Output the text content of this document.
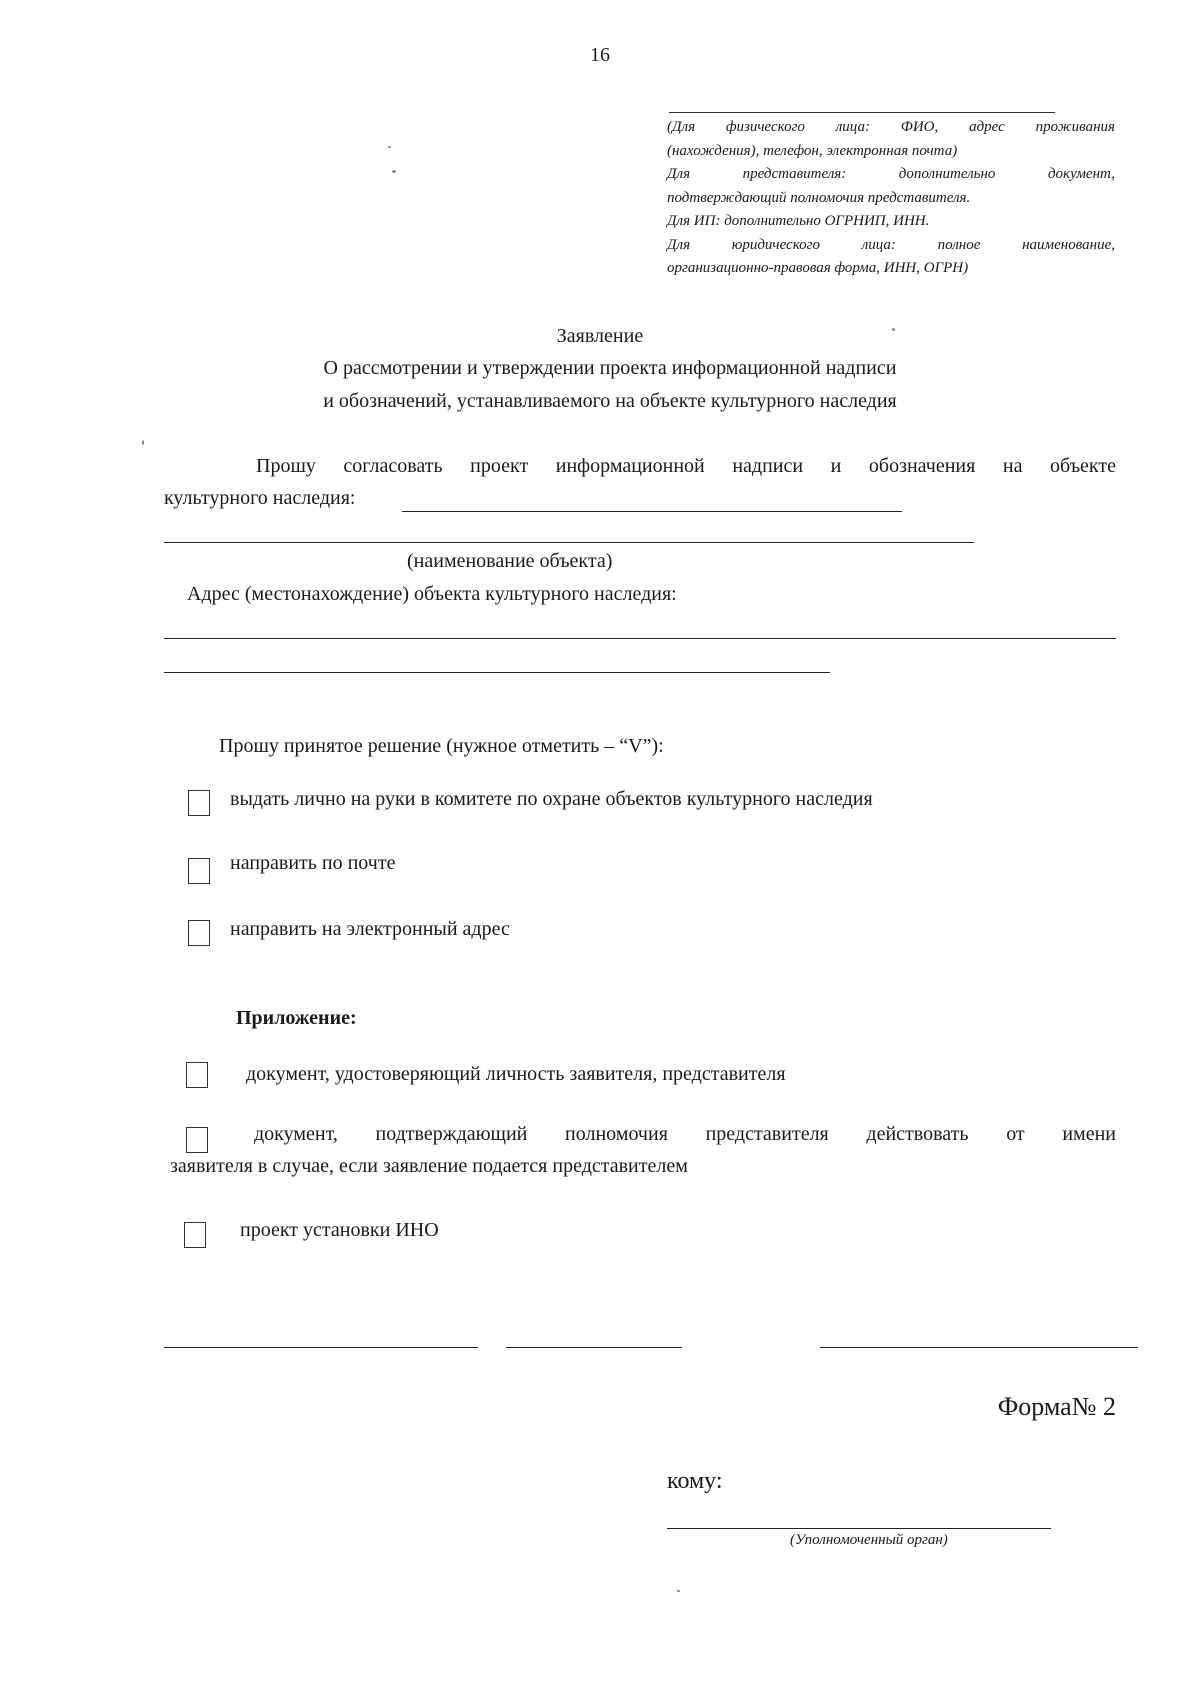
16

(Для физического лица: ФИО, адрес проживания

(нахождения), телефон, электронная почта)

Для представителя: дополнительно документ,

подтверждающий полномочия представителя.

Для ИП: дополнительно ОГРНИП, ИНН.

Для юридического лица: полное наименование,

организационно-правовая форма, ИНН, ОГРН)

Заявление
О рассмотрении и утверждении проекта информационной надписи
и обозначений, устанавливаемого на объекте культурного наследия
Прошу согласовать проект информационной надписи и обозначения на объекте
культурного наследия:
(наименование объекта)
Адрес (местонахождение) объекта культурного наследия:
Прошу принятое решение (нужное отметить – “V”):
выдать лично на руки в комитете по охране объектов культурного наследия
направить по почте
направить на электронный адрес
Приложение:
документ, удостоверяющий личность заявителя, представителя
документ, подтверждающий полномочия представителя действовать от имени
заявителя в случае, если заявление подается представителем
проект установки ИНО
Форма№ 2
кому:
(Уполномоченный орган)
